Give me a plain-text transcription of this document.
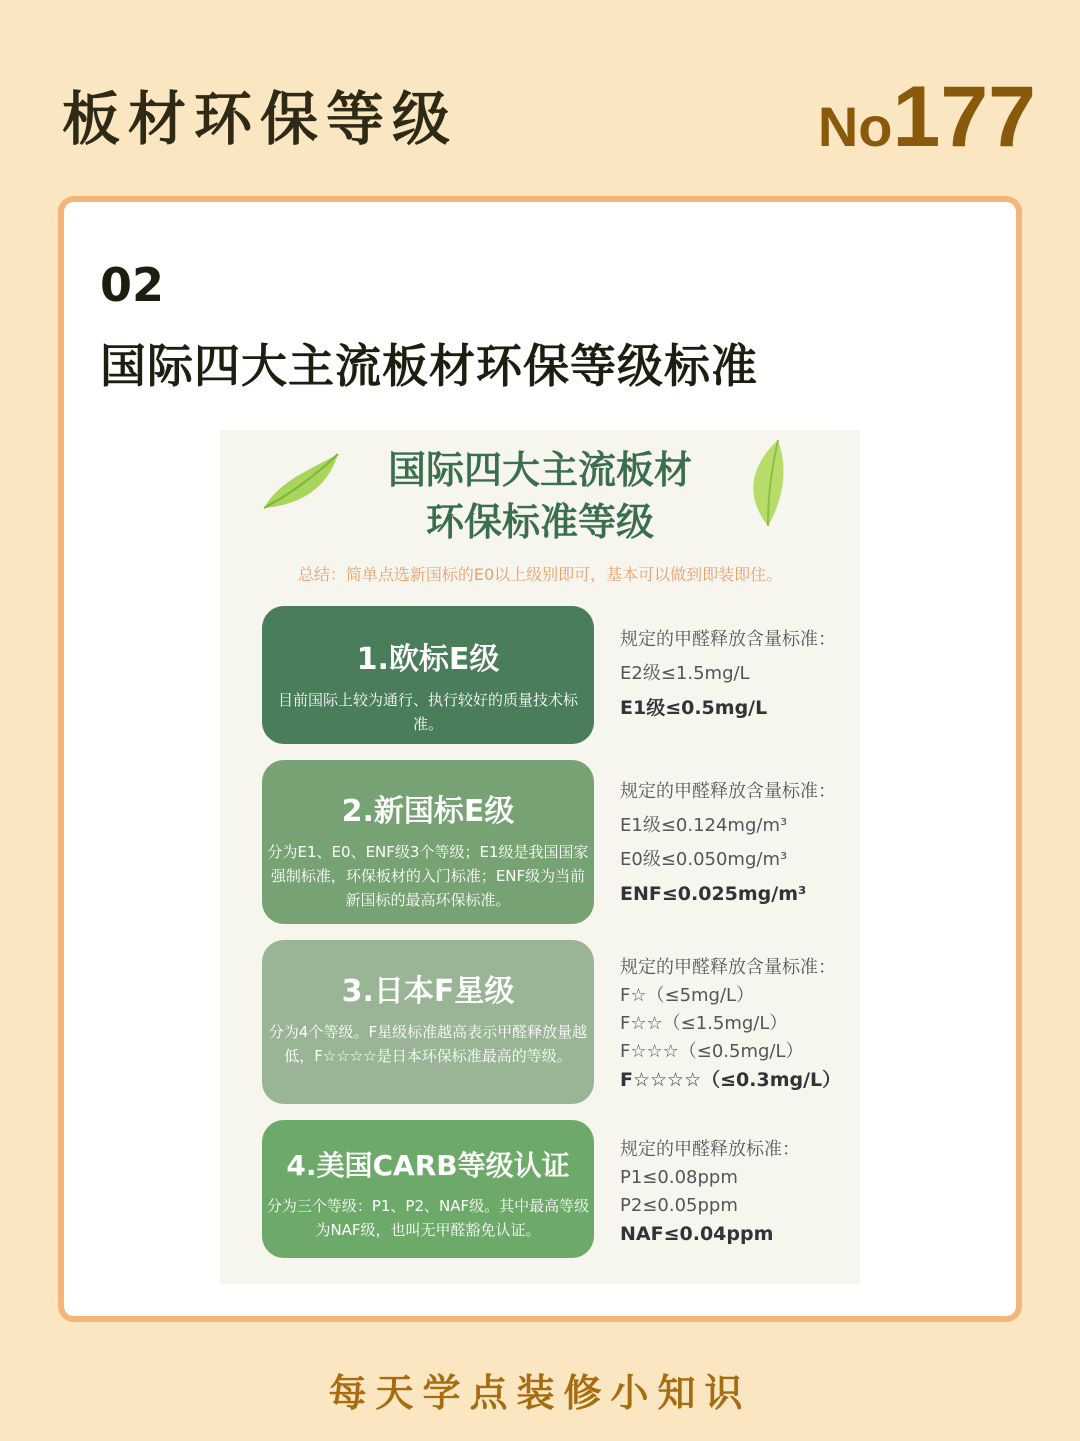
板材环保等级	No177
02
国际四大主流板材环保等级标准
国际四大主流板材
环保标准等级
总结：简单点选新国标的E0以上级别即可，基本可以做到即装即住。
1.欧标E级
目前国际上较为通行、执行较好的质量技术标准。
规定的甲醛释放含量标准：
E2级≤1.5mg/L
E1级≤0.5mg/L
2.新国标E级
分为E1、E0、ENF级3个等级；E1级是我国国家强制标准，环保板材的入门标准；ENF级为当前新国标的最高环保标准。
规定的甲醛释放含量标准：
E1级≤0.124mg/m³
E0级≤0.050mg/m³
ENF≤0.025mg/m³
3.日本F星级
分为4个等级。F星级标准越高表示甲醛释放量越低，F☆☆☆☆是日本环保标准最高的等级。
规定的甲醛释放含量标准：
F☆（≤5mg/L）
F☆☆（≤1.5mg/L）
F☆☆☆（≤0.5mg/L）
F☆☆☆☆（≤0.3mg/L）
4.美国CARB等级认证
分为三个等级：P1、P2、NAF级。其中最高等级为NAF级，也叫无甲醛豁免认证。
规定的甲醛释放标准：
P1≤0.08ppm
P2≤0.05ppm
NAF≤0.04ppm
每天学点装修小知识
